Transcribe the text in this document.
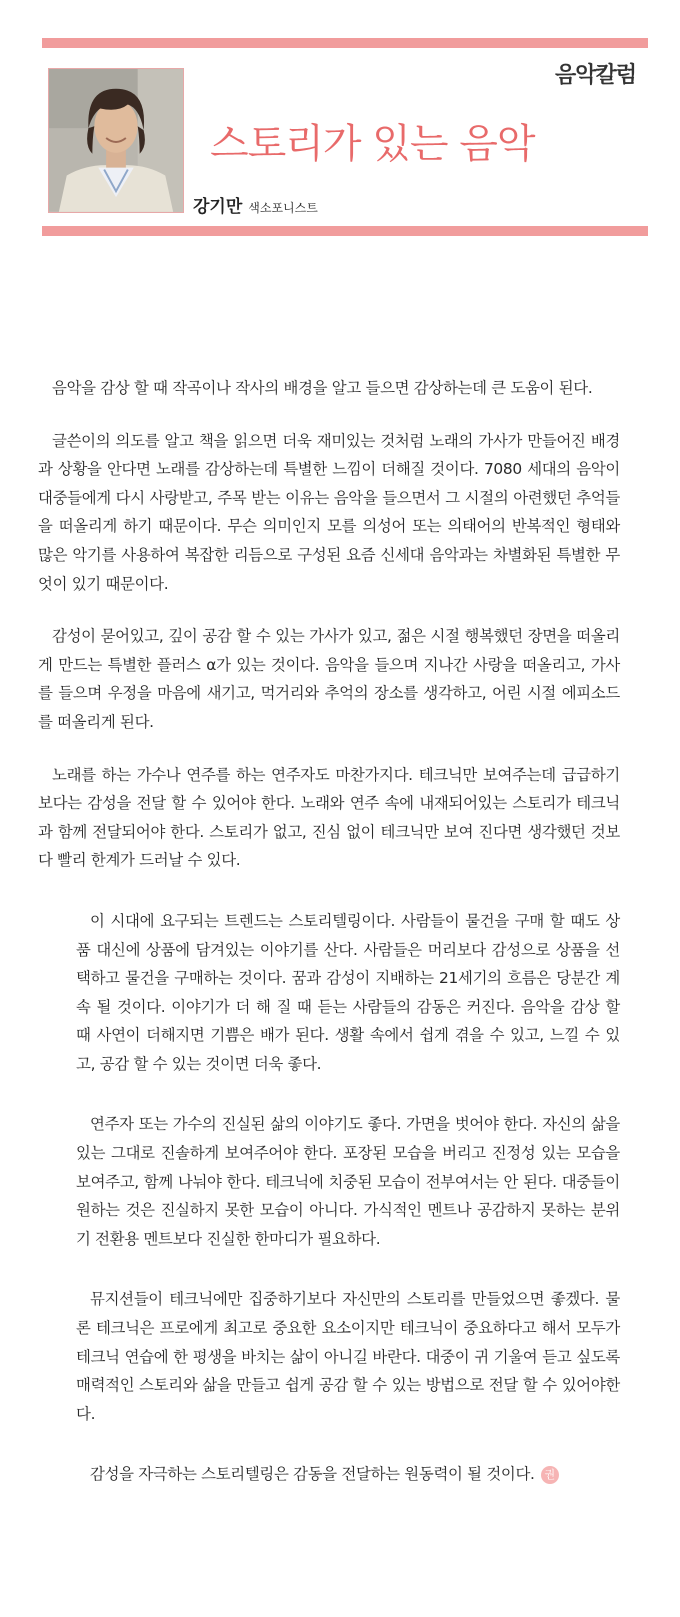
음악칼럼
스토리가 있는 음악
강기만 색소포니스트

음악을 감상 할 때 작곡이나 작사의 배경을 알고 들으면 감상하는데 큰 도움이 된다.

글쓴이의 의도를 알고 책을 읽으면 더욱 재미있는 것처럼 노래의 가사가 만들어진 배경과 상황을 안다면 노래를 감상하는데 특별한 느낌이 더해질 것이다. 7080 세대의 음악이 대중들에게 다시 사랑받고, 주목 받는 이유는 음악을 들으면서 그 시절의 아련했던 추억들을 떠올리게 하기 때문이다. 무슨 의미인지 모를 의성어 또는 의태어의 반복적인 형태와 많은 악기를 사용하여 복잡한 리듬으로 구성된 요즘 신세대 음악과는 차별화된 특별한 무엇이 있기 때문이다.

감성이 묻어있고, 깊이 공감 할 수 있는 가사가 있고, 젊은 시절 행복했던 장면을 떠올리게 만드는 특별한 플러스 α가 있는 것이다. 음악을 들으며 지나간 사랑을 떠올리고, 가사를 들으며 우정을 마음에 새기고, 먹거리와 추억의 장소를 생각하고, 어린 시절 에피소드를 떠올리게 된다.

노래를 하는 가수나 연주를 하는 연주자도 마찬가지다. 테크닉만 보여주는데 급급하기 보다는 감성을 전달 할 수 있어야 한다. 노래와 연주 속에 내재되어있는 스토리가 테크닉과 함께 전달되어야 한다. 스토리가 없고, 진심 없이 테크닉만 보여 진다면 생각했던 것보다 빨리 한계가 드러날 수 있다.

이 시대에 요구되는 트렌드는 스토리텔링이다. 사람들이 물건을 구매 할 때도 상품 대신에 상품에 담겨있는 이야기를 산다. 사람들은 머리보다 감성으로 상품을 선택하고 물건을 구매하는 것이다. 꿈과 감성이 지배하는 21세기의 흐름은 당분간 계속 될 것이다. 이야기가 더 해 질 때 듣는 사람들의 감동은 커진다. 음악을 감상 할 때 사연이 더해지면 기쁨은 배가 된다. 생활 속에서 쉽게 겪을 수 있고, 느낄 수 있고, 공감 할 수 있는 것이면 더욱 좋다.

연주자 또는 가수의 진실된 삶의 이야기도 좋다. 가면을 벗어야 한다. 자신의 삶을 있는 그대로 진솔하게 보여주어야 한다. 포장된 모습을 버리고 진정성 있는 모습을 보여주고, 함께 나눠야 한다. 테크닉에 치중된 모습이 전부여서는 안 된다. 대중들이 원하는 것은 진실하지 못한 모습이 아니다. 가식적인 멘트나 공감하지 못하는 분위기 전환용 멘트보다 진실한 한마디가 필요하다.

뮤지션들이 테크닉에만 집중하기보다 자신만의 스토리를 만들었으면 좋겠다. 물론 테크닉은 프로에게 최고로 중요한 요소이지만 테크닉이 중요하다고 해서 모두가 테크닉 연습에 한 평생을 바치는 삶이 아니길 바란다. 대중이 귀 기울여 듣고 싶도록 매력적인 스토리와 삶을 만들고 쉽게 공감 할 수 있는 방법으로 전달 할 수 있어야한다.

감성을 자극하는 스토리텔링은 감동을 전달하는 원동력이 될 것이다. 권
